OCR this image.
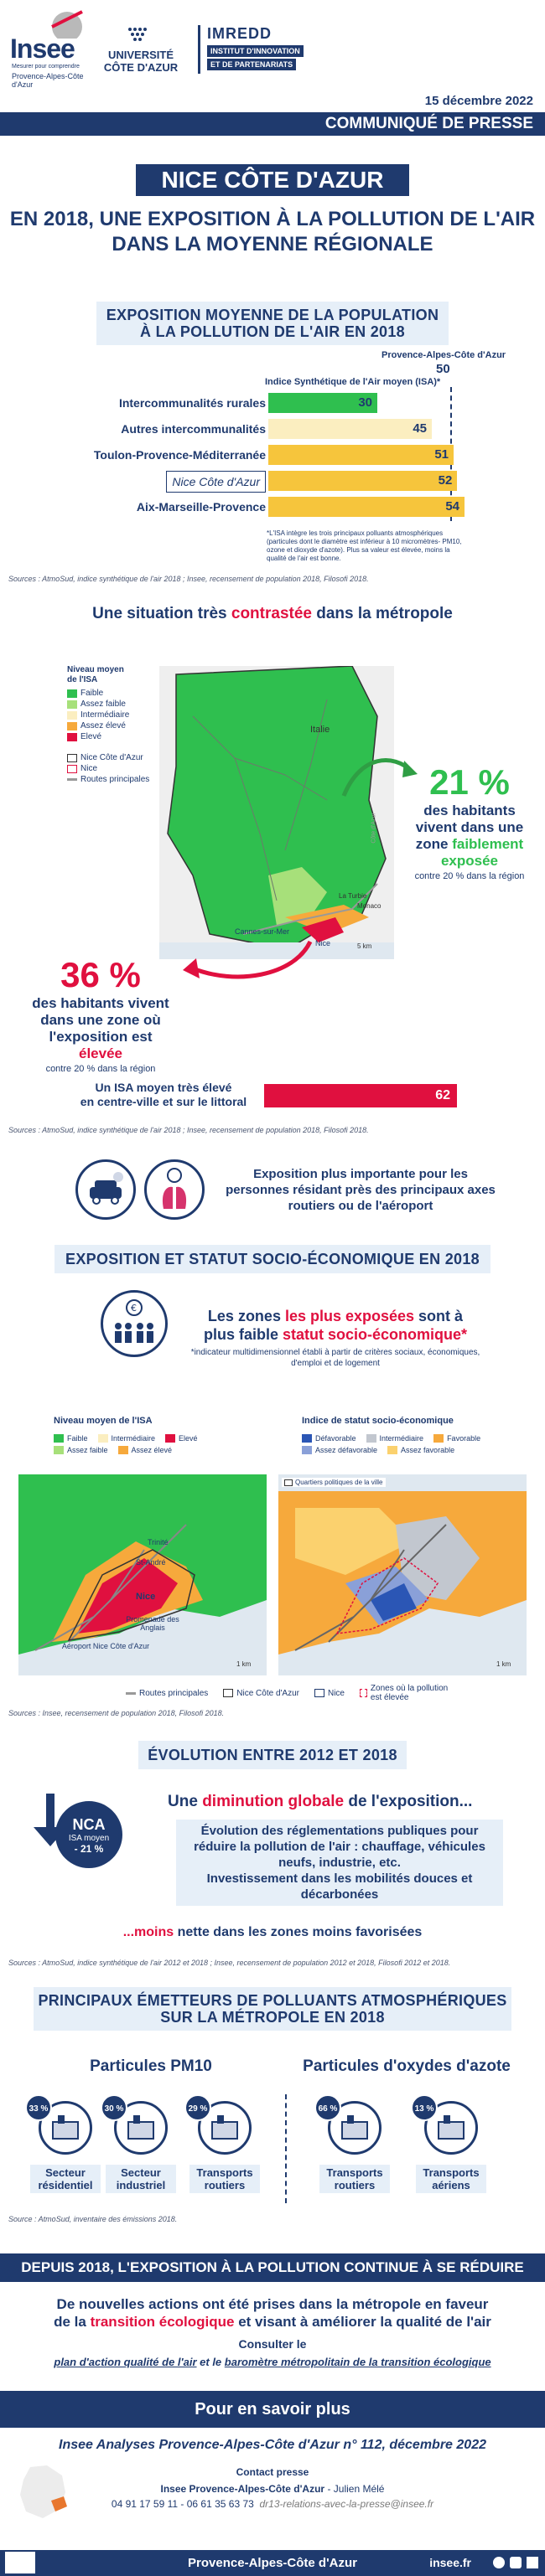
Insee
Mesurer pour comprendre
Provence-Alpes-Côte d'Azur
UNIVERSITÉ CÔTE D'AZUR
IMREDD
INSTITUT D'INNOVATION
ET DE PARTENARIATS
15 décembre 2022
COMMUNIQUÉ DE PRESSE
NICE CÔTE D'AZUR
EN 2018, UNE EXPOSITION À LA POLLUTION DE L'AIR
DANS LA MOYENNE RÉGIONALE
EXPOSITION MOYENNE DE LA POPULATION
À LA POLLUTION DE L'AIR EN 2018
Provence-Alpes-Côte d'Azur
50
Indice Synthétique de l'Air moyen (ISA)*
Intercommunalités rurales	30
Autres intercommunalités	45
Toulon-Provence-Méditerranée	51
Nice Côte d'Azur	52
Aix-Marseille-Provence	54
*L'ISA intègre les trois principaux polluants atmosphériques (particules dont le diamètre est inférieur à 10 micromètres- PM10, ozone et dioxyde d'azote). Plus sa valeur est élevée, moins la qualité de l'air est bonne.
Sources : AtmoSud, indice synthétique de l'air 2018 ; Insee, recensement de population 2018, Filosofi 2018.
Une situation très contrastée dans la métropole
Niveau moyen de l'ISA
Faible
Assez faible
Intermédiaire
Assez élevé
Elevé
Nice Côte d'Azur
Nice
Routes principales
Italie
La Turbie
Monaco
Cannes-sur-Mer
Nice	5 km
Côte d'Azur
21 %
des habitants
vivent dans une
zone faiblement
exposée
contre 20 % dans la région
36 %
des habitants vivent
dans une zone où
l'exposition est
élevée
contre 20 % dans la région
Un ISA moyen très élevé
en centre-ville et sur le littoral	62
Sources : AtmoSud, indice synthétique de l'air 2018 ; Insee, recensement de population 2018, Filosofi 2018.
Exposition plus importante pour les
personnes résidant près des principaux axes
routiers ou de l'aéroport
EXPOSITION ET STATUT SOCIO-ÉCONOMIQUE EN 2018
€	Les zones les plus exposées sont à
plus faible statut socio-économique*
*indicateur multidimensionnel établi à partir de critères sociaux, économiques,
d'emploi et de logement
Niveau moyen de l'ISA
Faible	Intermédiaire	Elevé
Assez faible	Assez élevé
Indice de statut socio-économique
Défavorable	Intermédiaire	Favorable
Assez défavorable	Assez favorable
Trinité
St-André
Nice
Promenade des Anglais
Aéroport Nice Côte d'Azur
1 km
Quartiers politiques de la ville
1 km
Routes principales	Nice Côte d'Azur	Nice	Zones où la pollution est élevée
Sources : Insee, recensement de population 2018, Filosofi 2018.
ÉVOLUTION ENTRE 2012 ET 2018
NCA
ISA moyen
- 21 %
Une diminution globale de l'exposition...
Évolution des réglementations publiques pour
réduire la pollution de l'air : chauffage, véhicules
neufs, industrie, etc.
Investissement dans les mobilités douces et
décarbonées
...moins nette dans les zones moins favorisées
Sources : AtmoSud, indice synthétique de l'air 2012 et 2018 ; Insee, recensement de population 2012 et 2018, Filosofi 2012 et 2018.
PRINCIPAUX ÉMETTEURS DE POLLUANTS ATMOSPHÉRIQUES
SUR LA MÉTROPOLE EN 2018
Particules PM10	Particules d'oxydes d'azote
33 %
Secteur
résidentiel
30 %
Secteur
industriel
29 %
Transports
routiers
66 %
Transports
routiers
13 %
Transports
aériens
Source : AtmoSud, inventaire des émissions 2018.
DEPUIS 2018, L'EXPOSITION À LA POLLUTION CONTINUE À SE RÉDUIRE
De nouvelles actions ont été prises dans la métropole en faveur
de la transition écologique et visant à améliorer la qualité de l'air
Consulter le
plan d'action qualité de l'air et le baromètre métropolitain de la transition écologique
Pour en savoir plus
Insee Analyses Provence-Alpes-Côte d'Azur n° 112, décembre 2022
Contact presse
Insee Provence-Alpes-Côte d'Azur - Julien Mélé
04 91 17 59 11 - 06 61 35 63 73 dr13-relations-avec-la-presse@insee.fr
Provence-Alpes-Côte d'Azur	insee.fr
